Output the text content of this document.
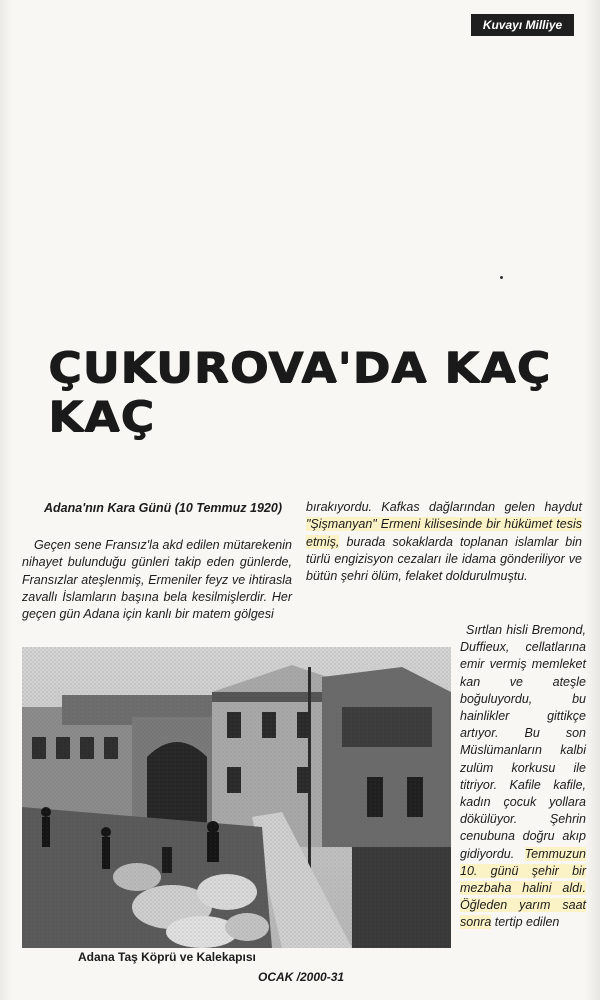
Kuvayı Milliye
ÇUKUROVA'DA KAÇ KAÇ
Adana'nın Kara Günü (10 Temmuz 1920)
Geçen sene Fransız'la akd edilen mütarekenin nihayet bulunduğu günleri takip eden günlerde, Fransızlar ateşlenmiş, Ermeniler feyz ve ihtirasla zavallı İslamların başına bela kesilmişlerdir. Her geçen gün Adana için kanlı bir matem gölgesi
bırakıyordu. Kafkas dağlarından gelen haydut "Şişmanyan" Ermeni kilisesinde bir hükümet tesis etmiş, burada sokaklarda toplanan islamlar bin türlü engizisyon cezaları ile idama gönderiliyor ve bütün şehri ölüm, felaket doldurulmuştu.
Sırtlan hisli Bremond, Duffieux, cellatlarına emir vermiş memleket kan ve ateşle boğuluyordu, bu hainlikler gittikçe artıyor. Bu son Müslümanların kalbi zulüm korkusu ile titriyor. Kafile kafile, kadın çocuk yollara dökülüyor. Şehrin cenubuna doğru akıp gidiyordu. Temmuzun 10. günü şehir bir mezbaha halini aldı. Öğleden yarım saat sonra tertip edilen
Adana Taş Köprü ve Kalekapısı
OCAK /2000-31
